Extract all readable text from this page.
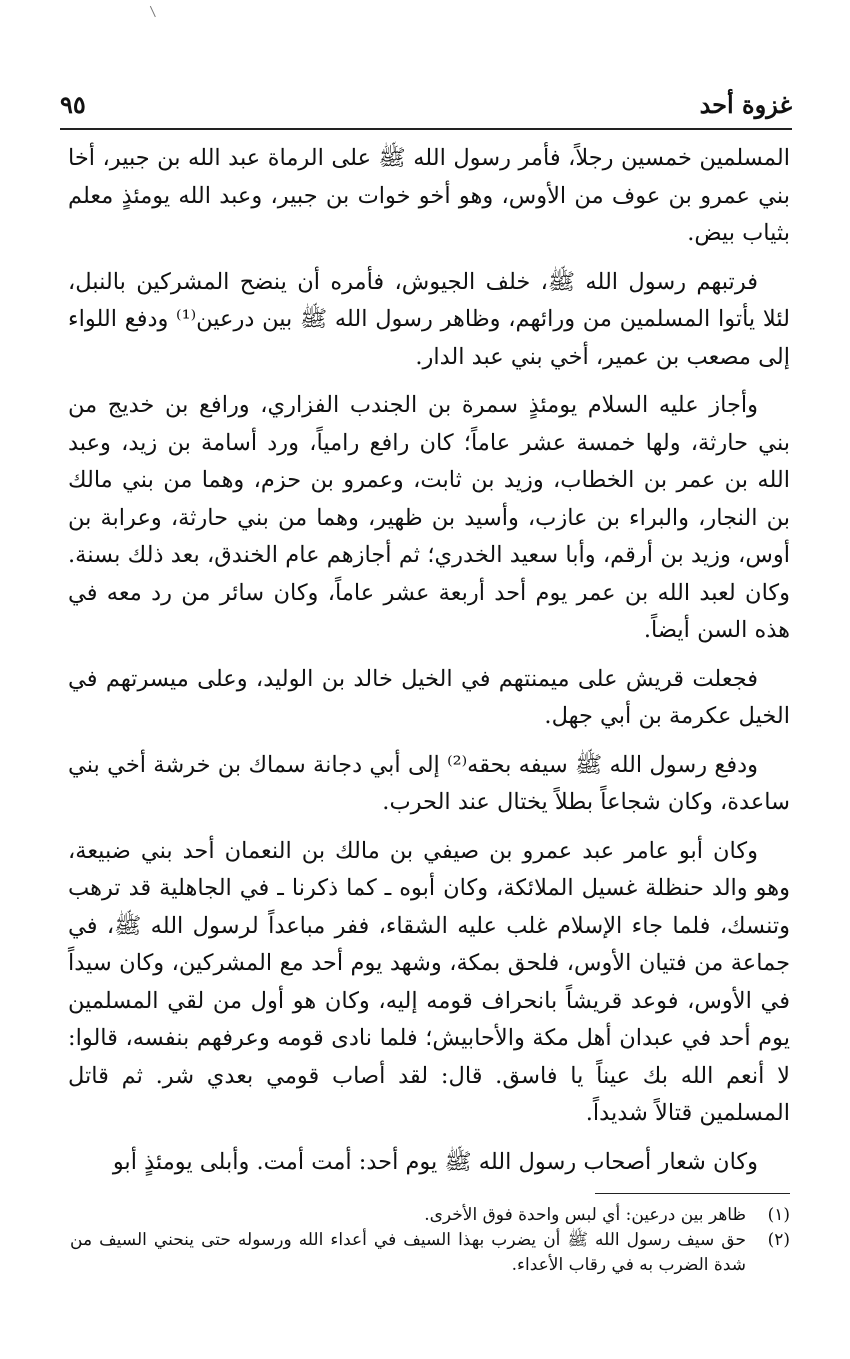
غزوة أحد
٩٥

المسلمين خمسين رجلاً، فأمر رسول الله ﷺ على الرماة عبد الله بن جبير، أخا بني عمرو بن عوف من الأوس، وهو أخو خوات بن جبير، وعبد الله يومئذٍ معلم بثياب بيض.

فرتبهم رسول الله ﷺ، خلف الجيوش، فأمره أن ينضح المشركين بالنبل، لئلا يأتوا المسلمين من ورائهم، وظاهر رسول الله ﷺ بين درعين⁽¹⁾ ودفع اللواء إلى مصعب بن عمير، أخي بني عبد الدار.

وأجاز عليه السلام يومئذٍ سمرة بن الجندب الفزاري، ورافع بن خديج من بني حارثة، ولها خمسة عشر عاماً؛ كان رافع رامياً، ورد أسامة بن زيد، وعبد الله بن عمر بن الخطاب، وزيد بن ثابت، وعمرو بن حزم، وهما من بني مالك بن النجار، والبراء بن عازب، وأسيد بن ظهير، وهما من بني حارثة، وعرابة بن أوس، وزيد بن أرقم، وأبا سعيد الخدري؛ ثم أجازهم عام الخندق، بعد ذلك بسنة. وكان لعبد الله بن عمر يوم أحد أربعة عشر عاماً، وكان سائر من رد معه في هذه السن أيضاً.

فجعلت قريش على ميمنتهم في الخيل خالد بن الوليد، وعلى ميسرتهم في الخيل عكرمة بن أبي جهل.

ودفع رسول الله ﷺ سيفه بحقه⁽²⁾ إلى أبي دجانة سماك بن خرشة أخي بني ساعدة، وكان شجاعاً بطلاً يختال عند الحرب.

وكان أبو عامر عبد عمرو بن صيفي بن مالك بن النعمان أحد بني ضبيعة، وهو والد حنظلة غسيل الملائكة، وكان أبوه ـ كما ذكرنا ـ في الجاهلية قد ترهب وتنسك، فلما جاء الإسلام غلب عليه الشقاء، ففر مباعداً لرسول الله ﷺ، في جماعة من فتيان الأوس، فلحق بمكة، وشهد يوم أحد مع المشركين، وكان سيداً في الأوس، فوعد قريشاً بانحراف قومه إليه، وكان هو أول من لقي المسلمين يوم أحد في عبدان أهل مكة والأحابيش؛ فلما نادى قومه وعرفهم بنفسه، قالوا: لا أنعم الله بك عيناً يا فاسق. قال: لقد أصاب قومي بعدي شر. ثم قاتل المسلمين قتالاً شديداً.

وكان شعار أصحاب رسول الله ﷺ يوم أحد: أمت أمت. وأبلى يومئذٍ أبو

(١)
ظاهر بين درعين: أي لبس واحدة فوق الأخرى.
(٢)
حق سيف رسول الله ﷺ أن يضرب بهذا السيف في أعداء الله ورسوله حتى ينحني السيف من شدة الضرب به في رقاب الأعداء.
